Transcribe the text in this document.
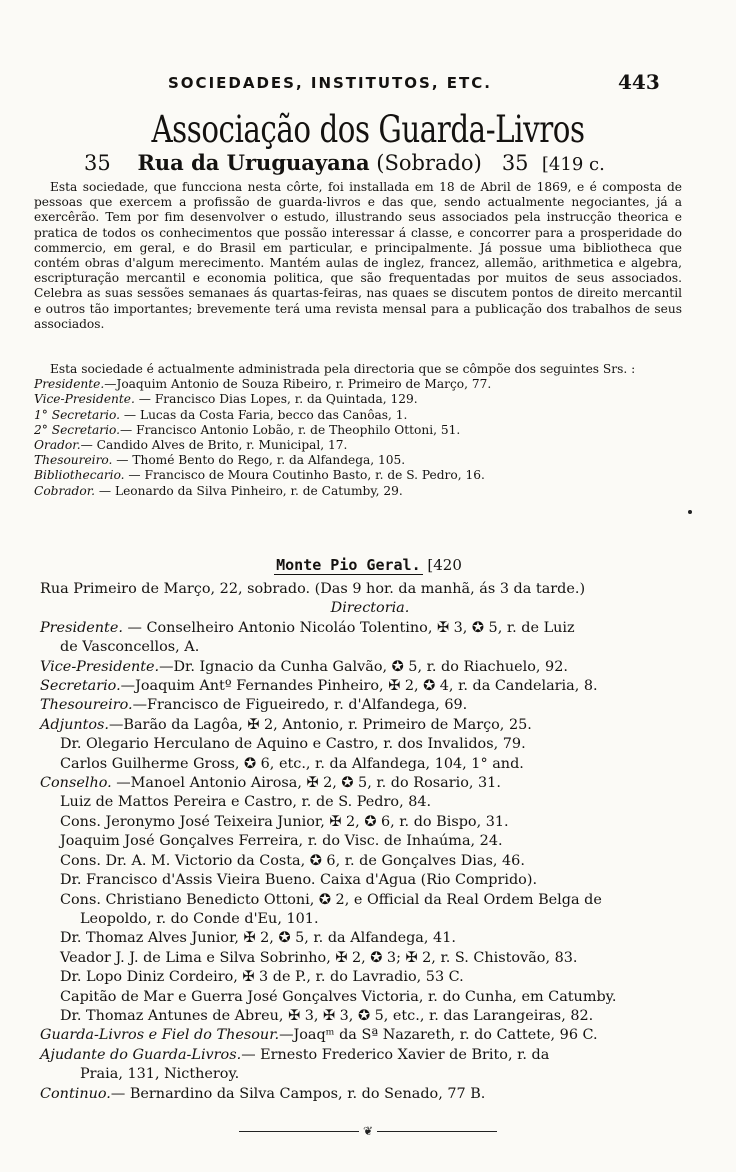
SOCIEDADES, INSTITUTOS, ETC.	443
Associação dos Guarda-Livros
35 Rua da Uruguayana (Sobrado) 35 [419 c.

Esta sociedade, que funcciona nesta côrte, foi installada em 18 de Abril de 1869, e é composta de pessoas que exercem a profissão de guarda-livros e das que, sendo actualmente negociantes, já a exercêrão. Tem por fim desenvolver o estudo, illustrando seus associados pela instrucção theorica e pratica de todos os conhecimentos que possão interessar á classe, e concorrer para a prosperidade do commercio, em geral, e do Brasil em particular, e principalmente. Já possue uma bibliotheca que contém obras d'algum merecimento. Mantém aulas de inglez, francez, allemão, arithmetica e algebra, escripturação mercantil e economia politica, que são frequentadas por muitos de seus associados. Celebra as suas sessões semanaes ás quartas-feiras, nas quaes se discutem pontos de direito mercantil e outros tão importantes; brevemente terá uma revista mensal para a publicação dos trabalhos de seus associados.

Esta sociedade é actualmente administrada pela directoria que se cômpõe dos seguintes Srs. :
Presidente.—Joaquim Antonio de Souza Ribeiro, r. Primeiro de Março, 77.
Vice-Presidente. — Francisco Dias Lopes, r. da Quintada, 129.
1° Secretario. — Lucas da Costa Faria, becco das Canôas, 1.
2° Secretario.— Francisco Antonio Lobão, r. de Theophilo Ottoni, 51.
Orador.— Candido Alves de Brito, r. Municipal, 17.
Thesoureiro. — Thomé Bento do Rego, r. da Alfandega, 105.
Bibliothecario. — Francisco de Moura Coutinho Basto, r. de S. Pedro, 16.
Cobrador. — Leonardo da Silva Pinheiro, r. de Catumby, 29.
Monte Pio Geral. [420
Rua Primeiro de Março, 22, sobrado. (Das 9 hor. da manhã, ás 3 da tarde.)
Directoria.
Presidente. — Conselheiro Antonio Nicoláo Tolentino, ✠ 3, ✪ 5, r. de Luiz
de Vasconcellos, A.
Vice-Presidente.—Dr. Ignacio da Cunha Galvão, ✪ 5, r. do Riachuelo, 92.
Secretario.—Joaquim Antº Fernandes Pinheiro, ✠ 2, ✪ 4, r. da Candelaria, 8.
Thesoureiro.—Francisco de Figueiredo, r. d'Alfandega, 69.
Adjuntos.—Barão da Lagôa, ✠ 2, Antonio, r. Primeiro de Março, 25.
Dr. Olegario Herculano de Aquino e Castro, r. dos Invalidos, 79.
Carlos Guilherme Gross, ✪ 6, etc., r. da Alfandega, 104, 1° and.
Conselho. —Manoel Antonio Airosa, ✠ 2, ✪ 5, r. do Rosario, 31.
Luiz de Mattos Pereira e Castro, r. de S. Pedro, 84.
Cons. Jeronymo José Teixeira Junior, ✠ 2, ✪ 6, r. do Bispo, 31.
Joaquim José Gonçalves Ferreira, r. do Visc. de Inhaúma, 24.
Cons. Dr. A. M. Victorio da Costa, ✪ 6, r. de Gonçalves Dias, 46.
Dr. Francisco d'Assis Vieira Bueno. Caixa d'Agua (Rio Comprido).
Cons. Christiano Benedicto Ottoni, ✪ 2, e Official da Real Ordem Belga de
Leopoldo, r. do Conde d'Eu, 101.
Dr. Thomaz Alves Junior, ✠ 2, ✪ 5, r. da Alfandega, 41.
Veador J. J. de Lima e Silva Sobrinho, ✠ 2, ✪ 3; ✠ 2, r. S. Chistovão, 83.
Dr. Lopo Diniz Cordeiro, ✠ 3 de P., r. do Lavradio, 53 C.
Capitão de Mar e Guerra José Gonçalves Victoria, r. do Cunha, em Catumby.
Dr. Thomaz Antunes de Abreu, ✠ 3, ✠ 3, ✪ 5, etc., r. das Larangeiras, 82.
Guarda-Livros e Fiel do Thesour.—Joaqᵐ da Sª Nazareth, r. do Cattete, 96 C.
Ajudante do Guarda-Livros.— Ernesto Frederico Xavier de Brito, r. da
Praia, 131, Nictheroy.
Continuo.— Bernardino da Silva Campos, r. do Senado, 77 B.
❦
